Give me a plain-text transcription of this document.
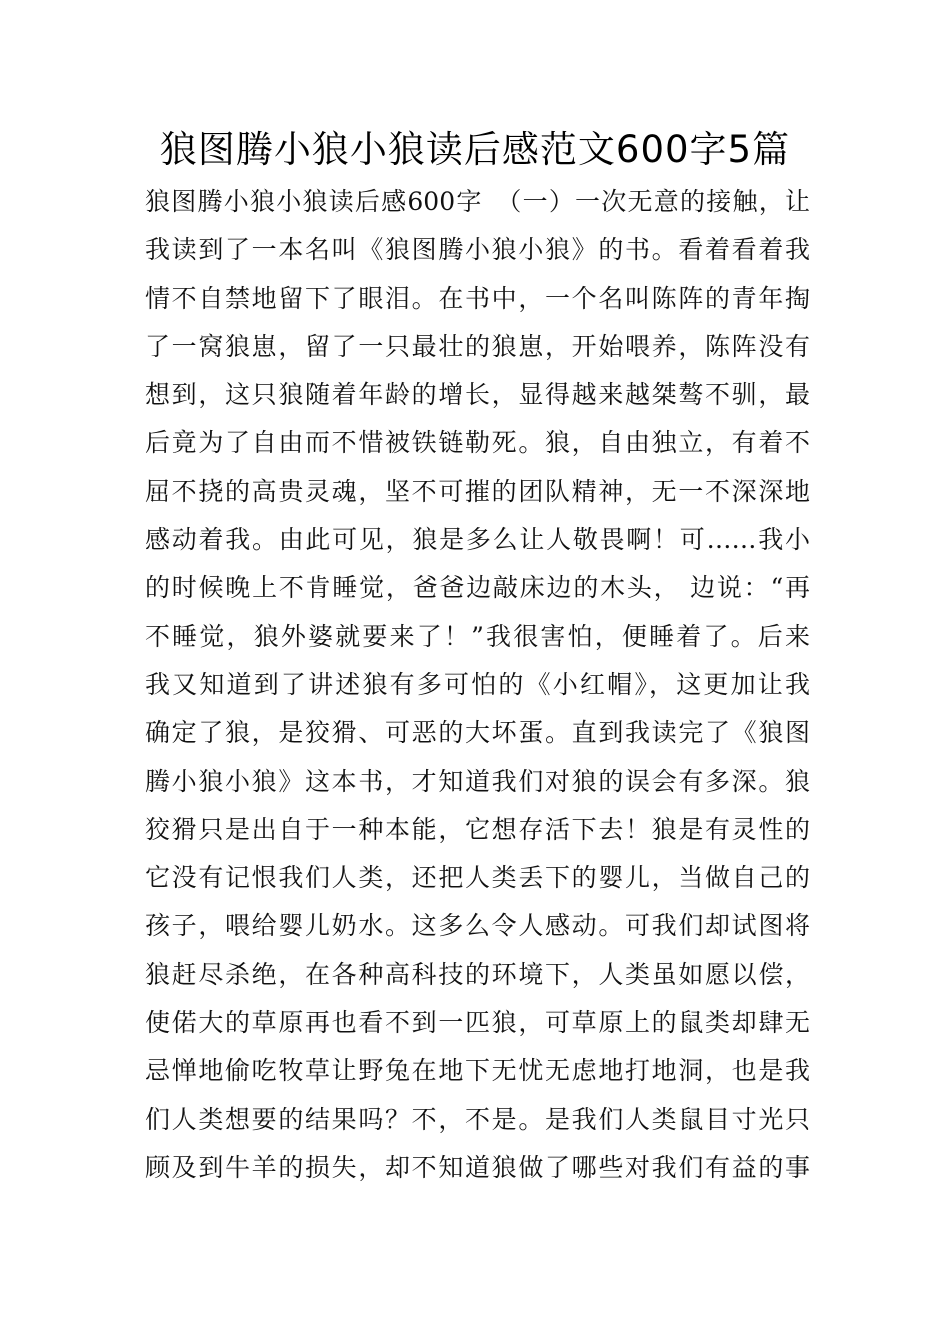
狼图腾小狼小狼读后感范文600字5篇
狼图腾小狼小狼读后感600字　（一）一次无意的接触，让
我读到了一本名叫《狼图腾小狼小狼》的书。看着看着我
情不自禁地留下了眼泪。在书中，一个名叫陈阵的青年掏
了一窝狼崽，留了一只最壮的狼崽，开始喂养，陈阵没有
想到，这只狼随着年龄的增长，显得越来越桀骜不驯，最
后竟为了自由而不惜被铁链勒死。狼，自由独立，有着不
屈不挠的高贵灵魂，坚不可摧的团队精神，无一不深深地
感动着我。由此可见，狼是多么让人敬畏啊！可……我小
的时候晚上不肯睡觉，爸爸边敲床边的木头， 边说：“再
不睡觉，狼外婆就要来了！”我很害怕，便睡着了。后来
我又知道到了讲述狼有多可怕的《小红帽》，这更加让我
确定了狼，是狡猾、可恶的大坏蛋。直到我读完了《狼图
腾小狼小狼》这本书，才知道我们对狼的误会有多深。狼
狡猾只是出自于一种本能，它想存活下去！狼是有灵性的
它没有记恨我们人类，还把人类丢下的婴儿，当做自己的
孩子，喂给婴儿奶水。这多么令人感动。可我们却试图将
狼赶尽杀绝，在各种高科技的环境下，人类虽如愿以偿，
使偌大的草原再也看不到一匹狼，可草原上的鼠类却肆无
忌惮地偷吃牧草让野兔在地下无忧无虑地打地洞，也是我
们人类想要的结果吗？不，不是。是我们人类鼠目寸光只
顾及到牛羊的损失，却不知道狼做了哪些对我们有益的事
